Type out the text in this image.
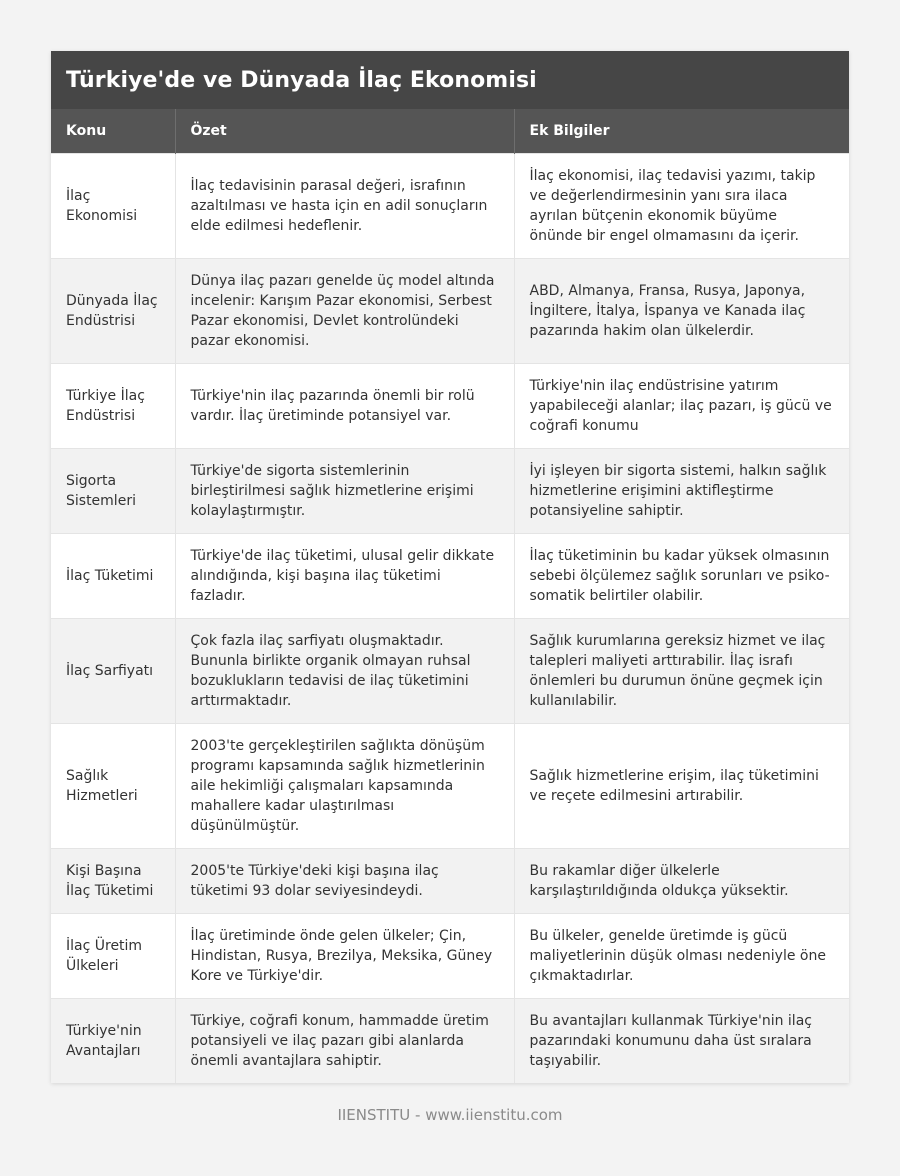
Türkiye'de ve Dünyada İlaç Ekonomisi
Konu	Özet	Ek Bilgiler
İlaç Ekonomisi	İlaç tedavisinin parasal değeri, israfının azaltılması ve hasta için en adil sonuçların elde edilmesi hedeflenir.	İlaç ekonomisi, ilaç tedavisi yazımı, takip ve değerlendirmesinin yanı sıra ilaca ayrılan bütçenin ekonomik büyüme önünde bir engel olmamasını da içerir.
Dünyada İlaç Endüstrisi	Dünya ilaç pazarı genelde üç model altında incelenir: Karışım Pazar ekonomisi, Serbest Pazar ekonomisi, Devlet kontrolündeki pazar ekonomisi.	ABD, Almanya, Fransa, Rusya, Japonya, İngiltere, İtalya, İspanya ve Kanada ilaç pazarında hakim olan ülkelerdir.
Türkiye İlaç Endüstrisi	Türkiye'nin ilaç pazarında önemli bir rolü vardır. İlaç üretiminde potansiyel var.	Türkiye'nin ilaç endüstrisine yatırım yapabileceği alanlar; ilaç pazarı, iş gücü ve coğrafi konumu
Sigorta Sistemleri	Türkiye'de sigorta sistemlerinin birleştirilmesi sağlık hizmetlerine erişimi kolaylaştırmıştır.	İyi işleyen bir sigorta sistemi, halkın sağlık hizmetlerine erişimini aktifleştirme potansiyeline sahiptir.
İlaç Tüketimi	Türkiye'de ilaç tüketimi, ulusal gelir dikkate alındığında, kişi başına ilaç tüketimi fazladır.	İlaç tüketiminin bu kadar yüksek olmasının sebebi ölçülemez sağlık sorunları ve psiko-somatik belirtiler olabilir.
İlaç Sarfiyatı	Çok fazla ilaç sarfiyatı oluşmaktadır. Bununla birlikte organik olmayan ruhsal bozuklukların tedavisi de ilaç tüketimini arttırmaktadır.	Sağlık kurumlarına gereksiz hizmet ve ilaç talepleri maliyeti arttırabilir. İlaç israfı önlemleri bu durumun önüne geçmek için kullanılabilir.
Sağlık Hizmetleri	2003'te gerçekleştirilen sağlıkta dönüşüm programı kapsamında sağlık hizmetlerinin aile hekimliği çalışmaları kapsamında mahallere kadar ulaştırılması düşünülmüştür.	Sağlık hizmetlerine erişim, ilaç tüketimini ve reçete edilmesini artırabilir.
Kişi Başına İlaç Tüketimi	2005'te Türkiye'deki kişi başına ilaç tüketimi 93 dolar seviyesindeydi.	Bu rakamlar diğer ülkelerle karşılaştırıldığında oldukça yüksektir.
İlaç Üretim Ülkeleri	İlaç üretiminde önde gelen ülkeler; Çin, Hindistan, Rusya, Brezilya, Meksika, Güney Kore ve Türkiye'dir.	Bu ülkeler, genelde üretimde iş gücü maliyetlerinin düşük olması nedeniyle öne çıkmaktadırlar.
Türkiye'nin Avantajları	Türkiye, coğrafi konum, hammadde üretim potansiyeli ve ilaç pazarı gibi alanlarda önemli avantajlara sahiptir.	Bu avantajları kullanmak Türkiye'nin ilaç pazarındaki konumunu daha üst sıralara taşıyabilir.
IIENSTITU - www.iienstitu.com
